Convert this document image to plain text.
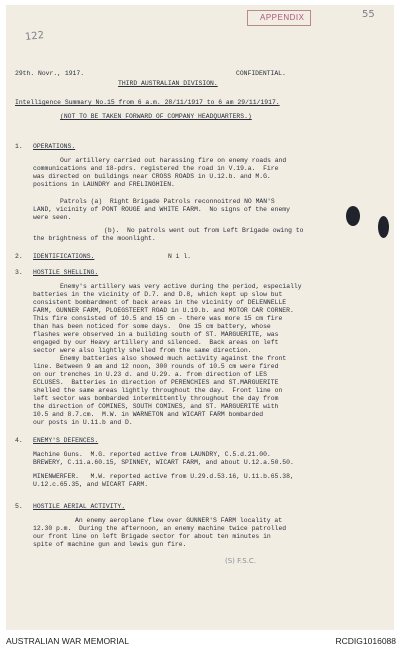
APPENDIX	55
122
29th. Novr., 1917.	CONFIDENTIAL.
THIRD AUSTRALIAN DIVISION.
Intelligence Summary No.15 from 6 a.m. 28/11/1917 to 6 am 29/11/1917.
(NOT TO BE TAKEN FORWARD OF COMPANY HEADQUARTERS.)
1. OPERATIONS.
Our artillery carried out harassing fire on enemy roads and
communications and 18-pdrs. registered the road in V.19.a.  Fire
was directed on buildings near CROSS ROADS in U.12.b. and M.G.
positions in LAUNDRY and FRELINGHIEN.
Patrols (a)  Right Brigade Patrols reconnoitred NO MAN'S
LAND, vicinity of PONT ROUGE and WHITE FARM.  No signs of the enemy
were seen.
(b).  No patrols went out from Left Brigade owing to
the brightness of the moonlight.
2. IDENTIFICATIONS.	N i l.
3. HOSTILE SHELLING.
Enemy's artillery was very active during the period, especially
batteries in the vicinity of D.7. and D.8, which kept up slow but
consistent bombardment of back areas in the vicinity of DELENNELLE
FARM, GUNNER FARM, PLOEGSTEERT ROAD in U.19.b. and MOTOR CAR CORNER.
This fire consisted of 10.5 and 15 cm - there was more 15 cm fire
than has been noticed for some days.  One 15 cm battery, whose
flashes were observed in a building south of ST. MARGUERITE, was
engaged by our Heavy artillery and silenced.  Back areas on left
sector were also lightly shelled from the same direction.
Enemy batteries also showed much activity against the front
line. Between 9 am and 12 noon, 300 rounds of 10.5 cm were fired
on our trenches in U.23 d. and U.29. a. from direction of LES
ECLUSES.  Batteries in direction of PERENCHIES and ST.MARGUERITE
shelled the same areas lightly throughout the day.  Front line on
left sector was bombarded intermittently throughout the day from
the direction of COMINES, SOUTH COMINES, and ST. MARGUERITE with
10.5 and 8.7.cm.  M.W. in WARNETON and WICART FARM bombarded
our posts in U.11.b and D.
4. ENEMY'S DEFENCES.
Machine Guns.  M.G. reported active from LAUNDRY, C.5.d.21.00.
BREWERY, C.11.a.60.15, SPINNEY, WICART FARM, and about U.12.a.50.50.
MINENWERFER.   M.W. reported active from U.29.d.53.16, U.11.b.65.38,
U.12.c.65.35, and WICART FARM.
5. HOSTILE AERIAL ACTIVITY.
An enemy aeroplane flew over GUNNER'S FARM locality at
12.30 p.m.  During the afternoon, an enemy machine twice patrolled
our front line on left Brigade sector for about ten minutes in
spite of machine gun and lewis gun fire.
(S) F.S.C.
AUSTRALIAN WAR MEMORIAL	RCDIG1016088
